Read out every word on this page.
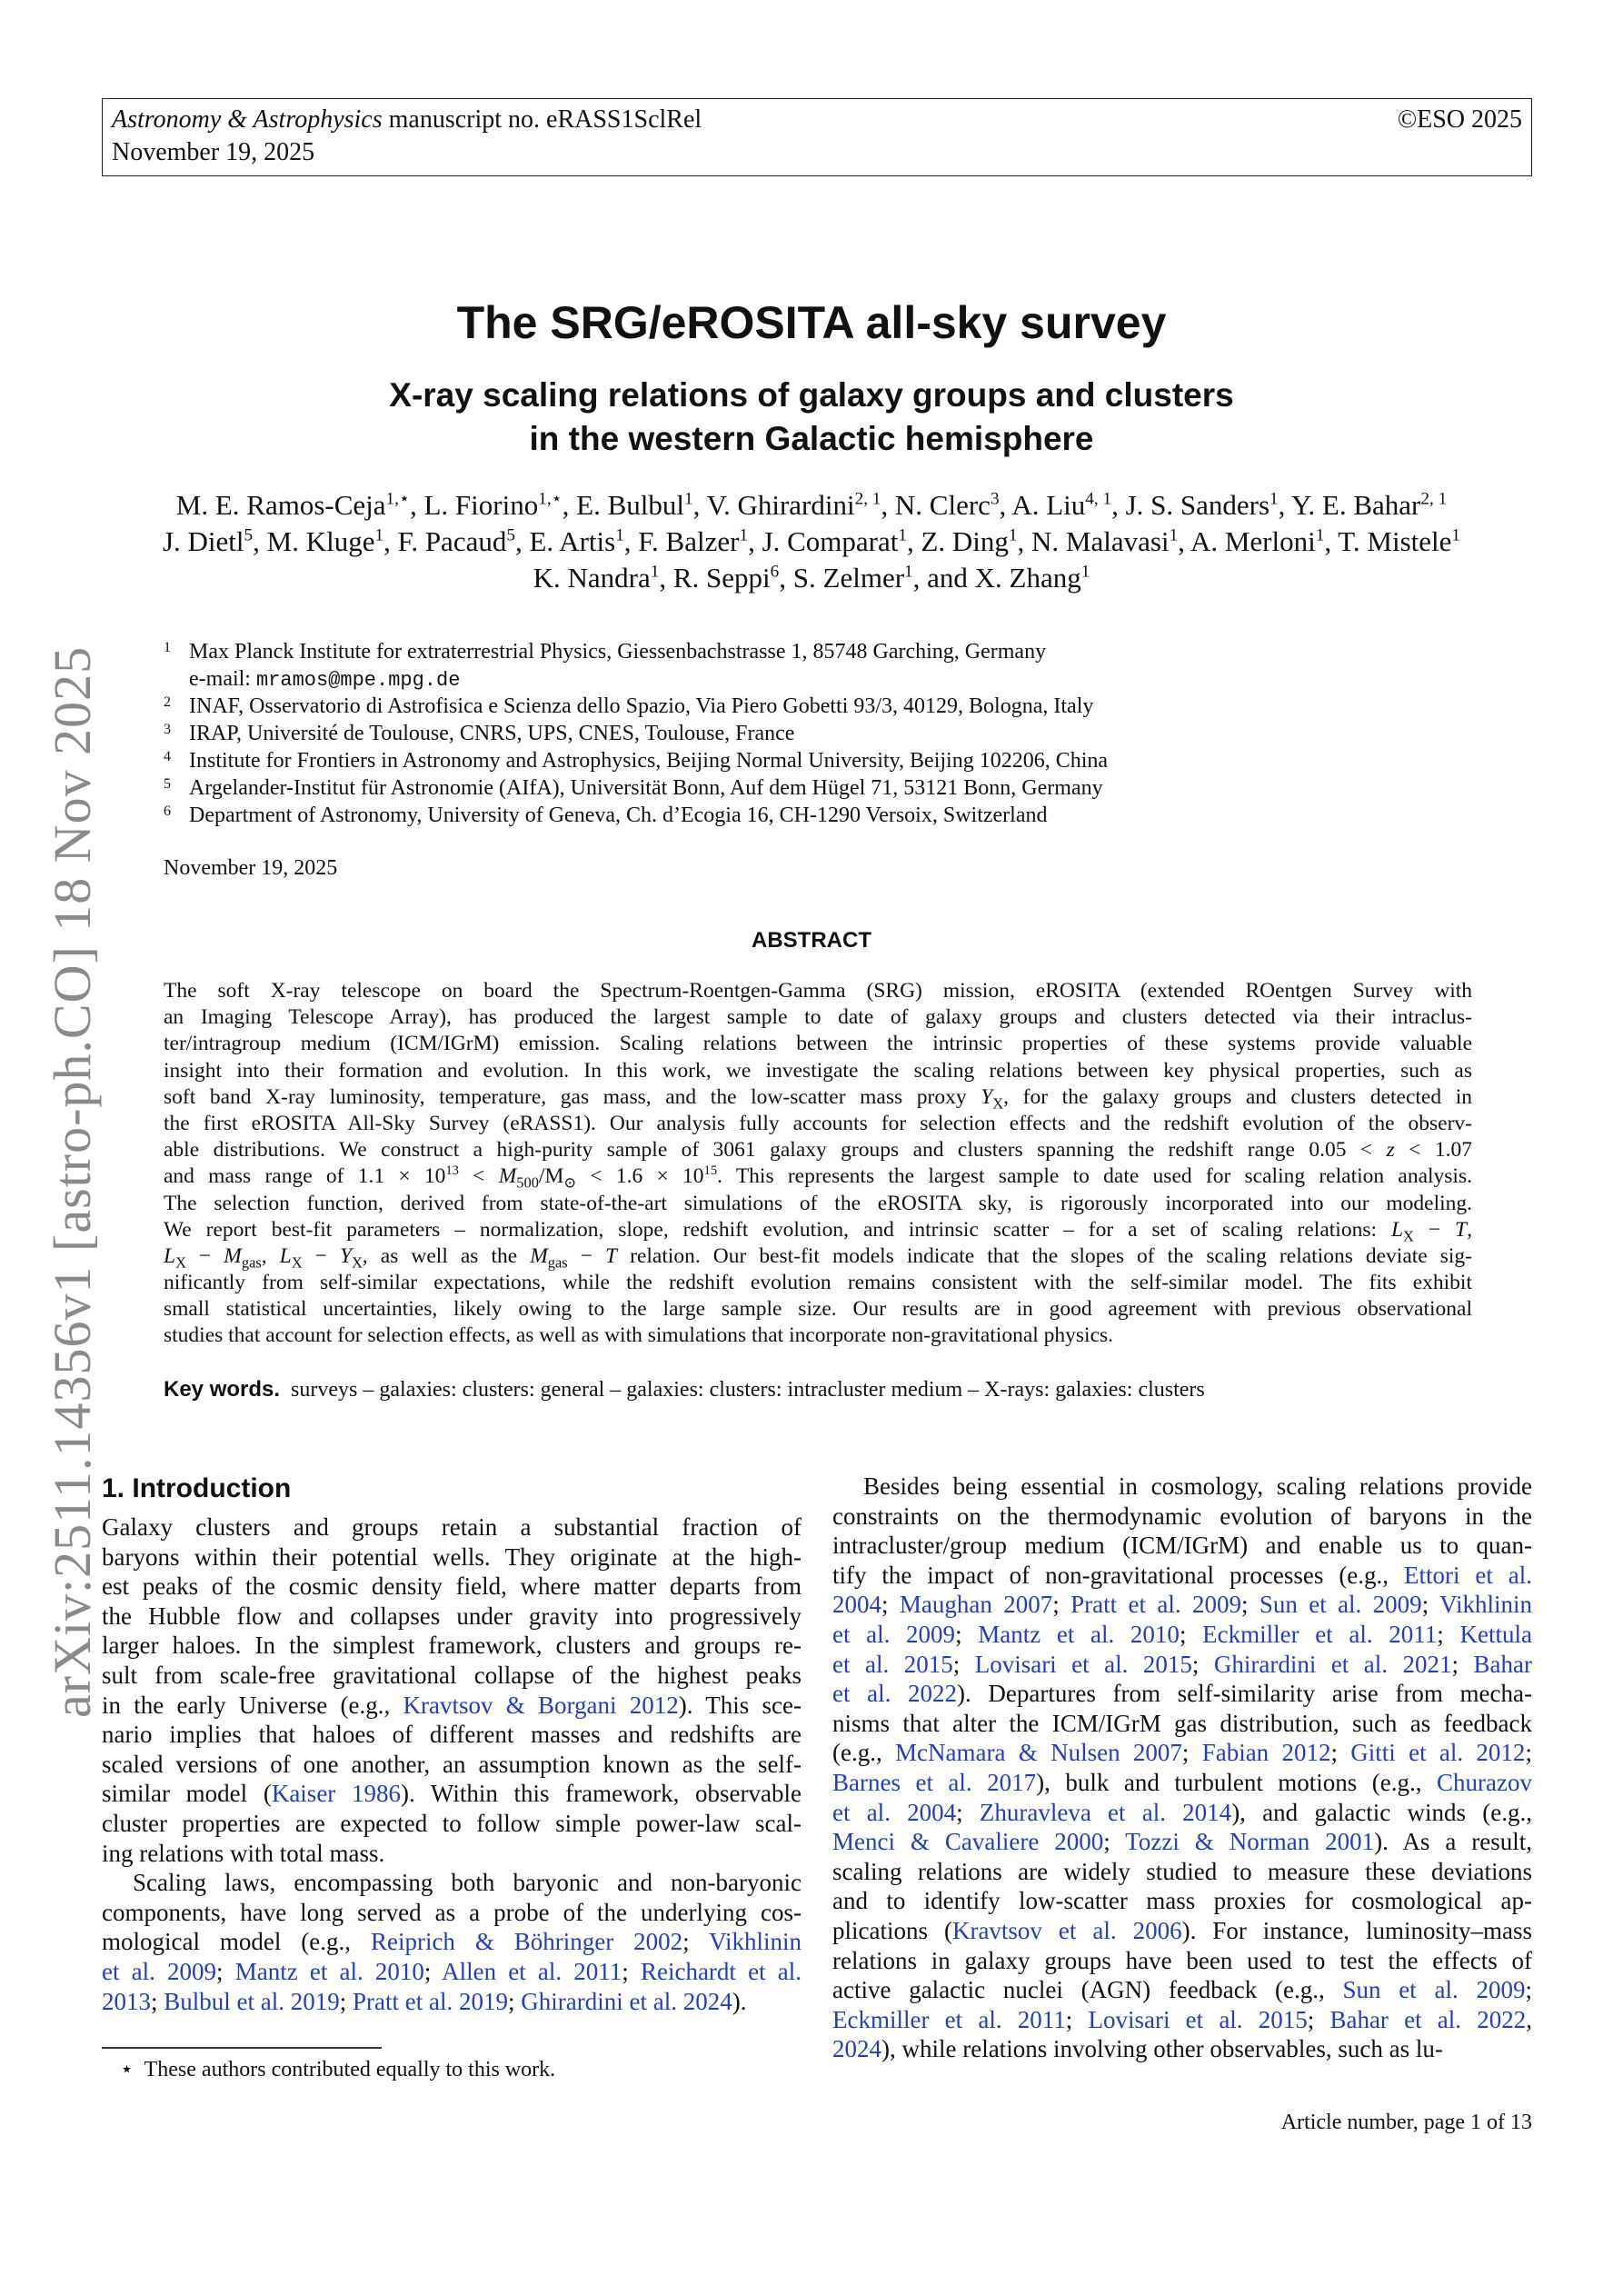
Astronomy & Astrophysics manuscript no. eRASS1SclRel
November 19, 2025
©ESO 2025
arXiv:2511.14356v1 [astro-ph.CO] 18 Nov 2025
The SRG/eROSITA all-sky survey
X-ray scaling relations of galaxy groups and clusters
in the western Galactic hemisphere
M. E. Ramos-Ceja$^{1,⋆}$, L. Fiorino$^{1,⋆}$, E. Bulbul$^1$, V. Ghirardini$^{2, 1}$, N. Clerc$^3$, A. Liu$^{4, 1}$, J. S. Sanders$^1$, Y. E. Bahar$^{2, 1}$
J. Dietl$^5$, M. Kluge$^1$, F. Pacaud$^5$, E. Artis$^1$, F. Balzer$^1$, J. Comparat$^1$, Z. Ding$^1$, N. Malavasi$^1$, A. Merloni$^1$, T. Mistele$^1$
K. Nandra$^1$, R. Seppi$^6$, S. Zelmer$^1$, and X. Zhang$^1$
1 Max Planck Institute for extraterrestrial Physics, Giessenbachstrasse 1, 85748 Garching, Germany
e-mail: mramos@mpe.mpg.de
2 INAF, Osservatorio di Astrofisica e Scienza dello Spazio, Via Piero Gobetti 93/3, 40129, Bologna, Italy
3 IRAP, Université de Toulouse, CNRS, UPS, CNES, Toulouse, France
4 Institute for Frontiers in Astronomy and Astrophysics, Beijing Normal University, Beijing 102206, China
5 Argelander-Institut für Astronomie (AIfA), Universität Bonn, Auf dem Hügel 71, 53121 Bonn, Germany
6 Department of Astronomy, University of Geneva, Ch. d’Ecogia 16, CH-1290 Versoix, Switzerland
November 19, 2025
ABSTRACT
The soft X-ray telescope on board the Spectrum-Roentgen-Gamma (SRG) mission, eROSITA (extended ROentgen Survey with
an Imaging Telescope Array), has produced the largest sample to date of galaxy groups and clusters detected via their intraclus-
ter/intragroup medium (ICM/IGrM) emission. Scaling relations between the intrinsic properties of these systems provide valuable
insight into their formation and evolution. In this work, we investigate the scaling relations between key physical properties, such as
soft band X-ray luminosity, temperature, gas mass, and the low-scatter mass proxy $Y_X$, for the galaxy groups and clusters detected in
the first eROSITA All-Sky Survey (eRASS1). Our analysis fully accounts for selection effects and the redshift evolution of the observ-
able distributions. We construct a high-purity sample of 3061 galaxy groups and clusters spanning the redshift range 0.05 < z < 1.07
and mass range of $1.1 \times 10^{13} < M_{500}/M_⊙ < 1.6 \times 10^{15}$. This represents the largest sample to date used for scaling relation analysis.
The selection function, derived from state-of-the-art simulations of the eROSITA sky, is rigorously incorporated into our modeling.
We report best-fit parameters – normalization, slope, redshift evolution, and intrinsic scatter – for a set of scaling relations: $L_X - T$,
$L_X - M_{gas}$, $L_X - Y_X$, as well as the $M_{gas} - T$ relation. Our best-fit models indicate that the slopes of the scaling relations deviate sig-
nificantly from self-similar expectations, while the redshift evolution remains consistent with the self-similar model. The fits exhibit
small statistical uncertainties, likely owing to the large sample size. Our results are in good agreement with previous observational
studies that account for selection effects, as well as with simulations that incorporate non-gravitational physics.
Key words. surveys – galaxies: clusters: general – galaxies: clusters: intracluster medium – X-rays: galaxies: clusters
1. Introduction
Galaxy clusters and groups retain a substantial fraction of
baryons within their potential wells. They originate at the high-
est peaks of the cosmic density field, where matter departs from
the Hubble flow and collapses under gravity into progressively
larger haloes. In the simplest framework, clusters and groups re-
sult from scale-free gravitational collapse of the highest peaks
in the early Universe (e.g., Kravtsov & Borgani 2012). This sce-
nario implies that haloes of different masses and redshifts are
scaled versions of one another, an assumption known as the self-
similar model (Kaiser 1986). Within this framework, observable
cluster properties are expected to follow simple power-law scal-
ing relations with total mass.
Scaling laws, encompassing both baryonic and non-baryonic
components, have long served as a probe of the underlying cos-
mological model (e.g., Reiprich & Böhringer 2002; Vikhlinin
et al. 2009; Mantz et al. 2010; Allen et al. 2011; Reichardt et al.
2013; Bulbul et al. 2019; Pratt et al. 2019; Ghirardini et al. 2024).
Besides being essential in cosmology, scaling relations provide
constraints on the thermodynamic evolution of baryons in the
intracluster/group medium (ICM/IGrM) and enable us to quan-
tify the impact of non-gravitational processes (e.g., Ettori et al.
2004; Maughan 2007; Pratt et al. 2009; Sun et al. 2009; Vikhlinin
et al. 2009; Mantz et al. 2010; Eckmiller et al. 2011; Kettula
et al. 2015; Lovisari et al. 2015; Ghirardini et al. 2021; Bahar
et al. 2022). Departures from self-similarity arise from mecha-
nisms that alter the ICM/IGrM gas distribution, such as feedback
(e.g., McNamara & Nulsen 2007; Fabian 2012; Gitti et al. 2012;
Barnes et al. 2017), bulk and turbulent motions (e.g., Churazov
et al. 2004; Zhuravleva et al. 2014), and galactic winds (e.g.,
Menci & Cavaliere 2000; Tozzi & Norman 2001). As a result,
scaling relations are widely studied to measure these deviations
and to identify low-scatter mass proxies for cosmological ap-
plications (Kravtsov et al. 2006). For instance, luminosity–mass
relations in galaxy groups have been used to test the effects of
active galactic nuclei (AGN) feedback (e.g., Sun et al. 2009;
Eckmiller et al. 2011; Lovisari et al. 2015; Bahar et al. 2022,
2024), while relations involving other observables, such as lu-
⋆ These authors contributed equally to this work.
Article number, page 1 of 13
